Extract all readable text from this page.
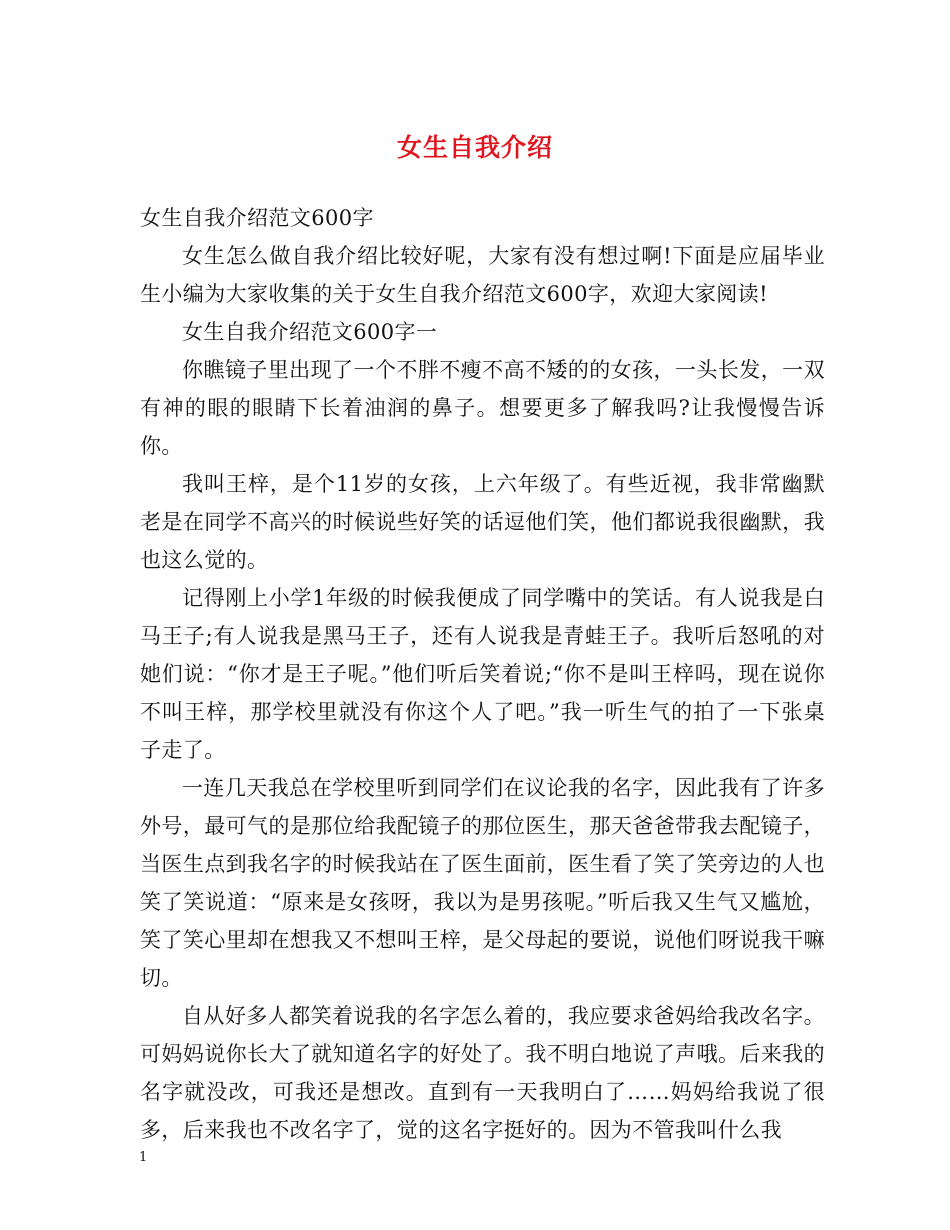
女生自我介绍

女生自我介绍范文600字

女生怎么做自我介绍比较好呢，大家有没有想过啊!下面是应届毕业生小编为大家收集的关于女生自我介绍范文600字，欢迎大家阅读!

女生自我介绍范文600字一

你瞧镜子里出现了一个不胖不瘦不高不矮的的女孩，一头长发，一双有神的眼的眼睛下长着油润的鼻子。想要更多了解我吗?让我慢慢告诉你。

我叫王梓，是个11岁的女孩，上六年级了。有些近视，我非常幽默老是在同学不高兴的时候说些好笑的话逗他们笑，他们都说我很幽默，我也这么觉的。

记得刚上小学1年级的时候我便成了同学嘴中的笑话。有人说我是白马王子;有人说我是黑马王子，还有人说我是青蛙王子。我听后怒吼的对她们说：“你才是王子呢。”他们听后笑着说;“你不是叫王梓吗，现在说你不叫王梓，那学校里就没有你这个人了吧。”我一听生气的拍了一下张桌子走了。

一连几天我总在学校里听到同学们在议论我的名字，因此我有了许多外号，最可气的是那位给我配镜子的那位医生，那天爸爸带我去配镜子，当医生点到我名字的时候我站在了医生面前，医生看了笑了笑旁边的人也笑了笑说道：“原来是女孩呀，我以为是男孩呢。”听后我又生气又尴尬，笑了笑心里却在想我又不想叫王梓，是父母起的要说，说他们呀说我干嘛切。

自从好多人都笑着说我的名字怎么着的，我应要求爸妈给我改名字。可妈妈说你长大了就知道名字的好处了。我不明白地说了声哦。后来我的名字就没改，可我还是想改。直到有一天我明白了……妈妈给我说了很多，后来我也不改名字了，觉的这名字挺好的。因为不管我叫什么我

1
